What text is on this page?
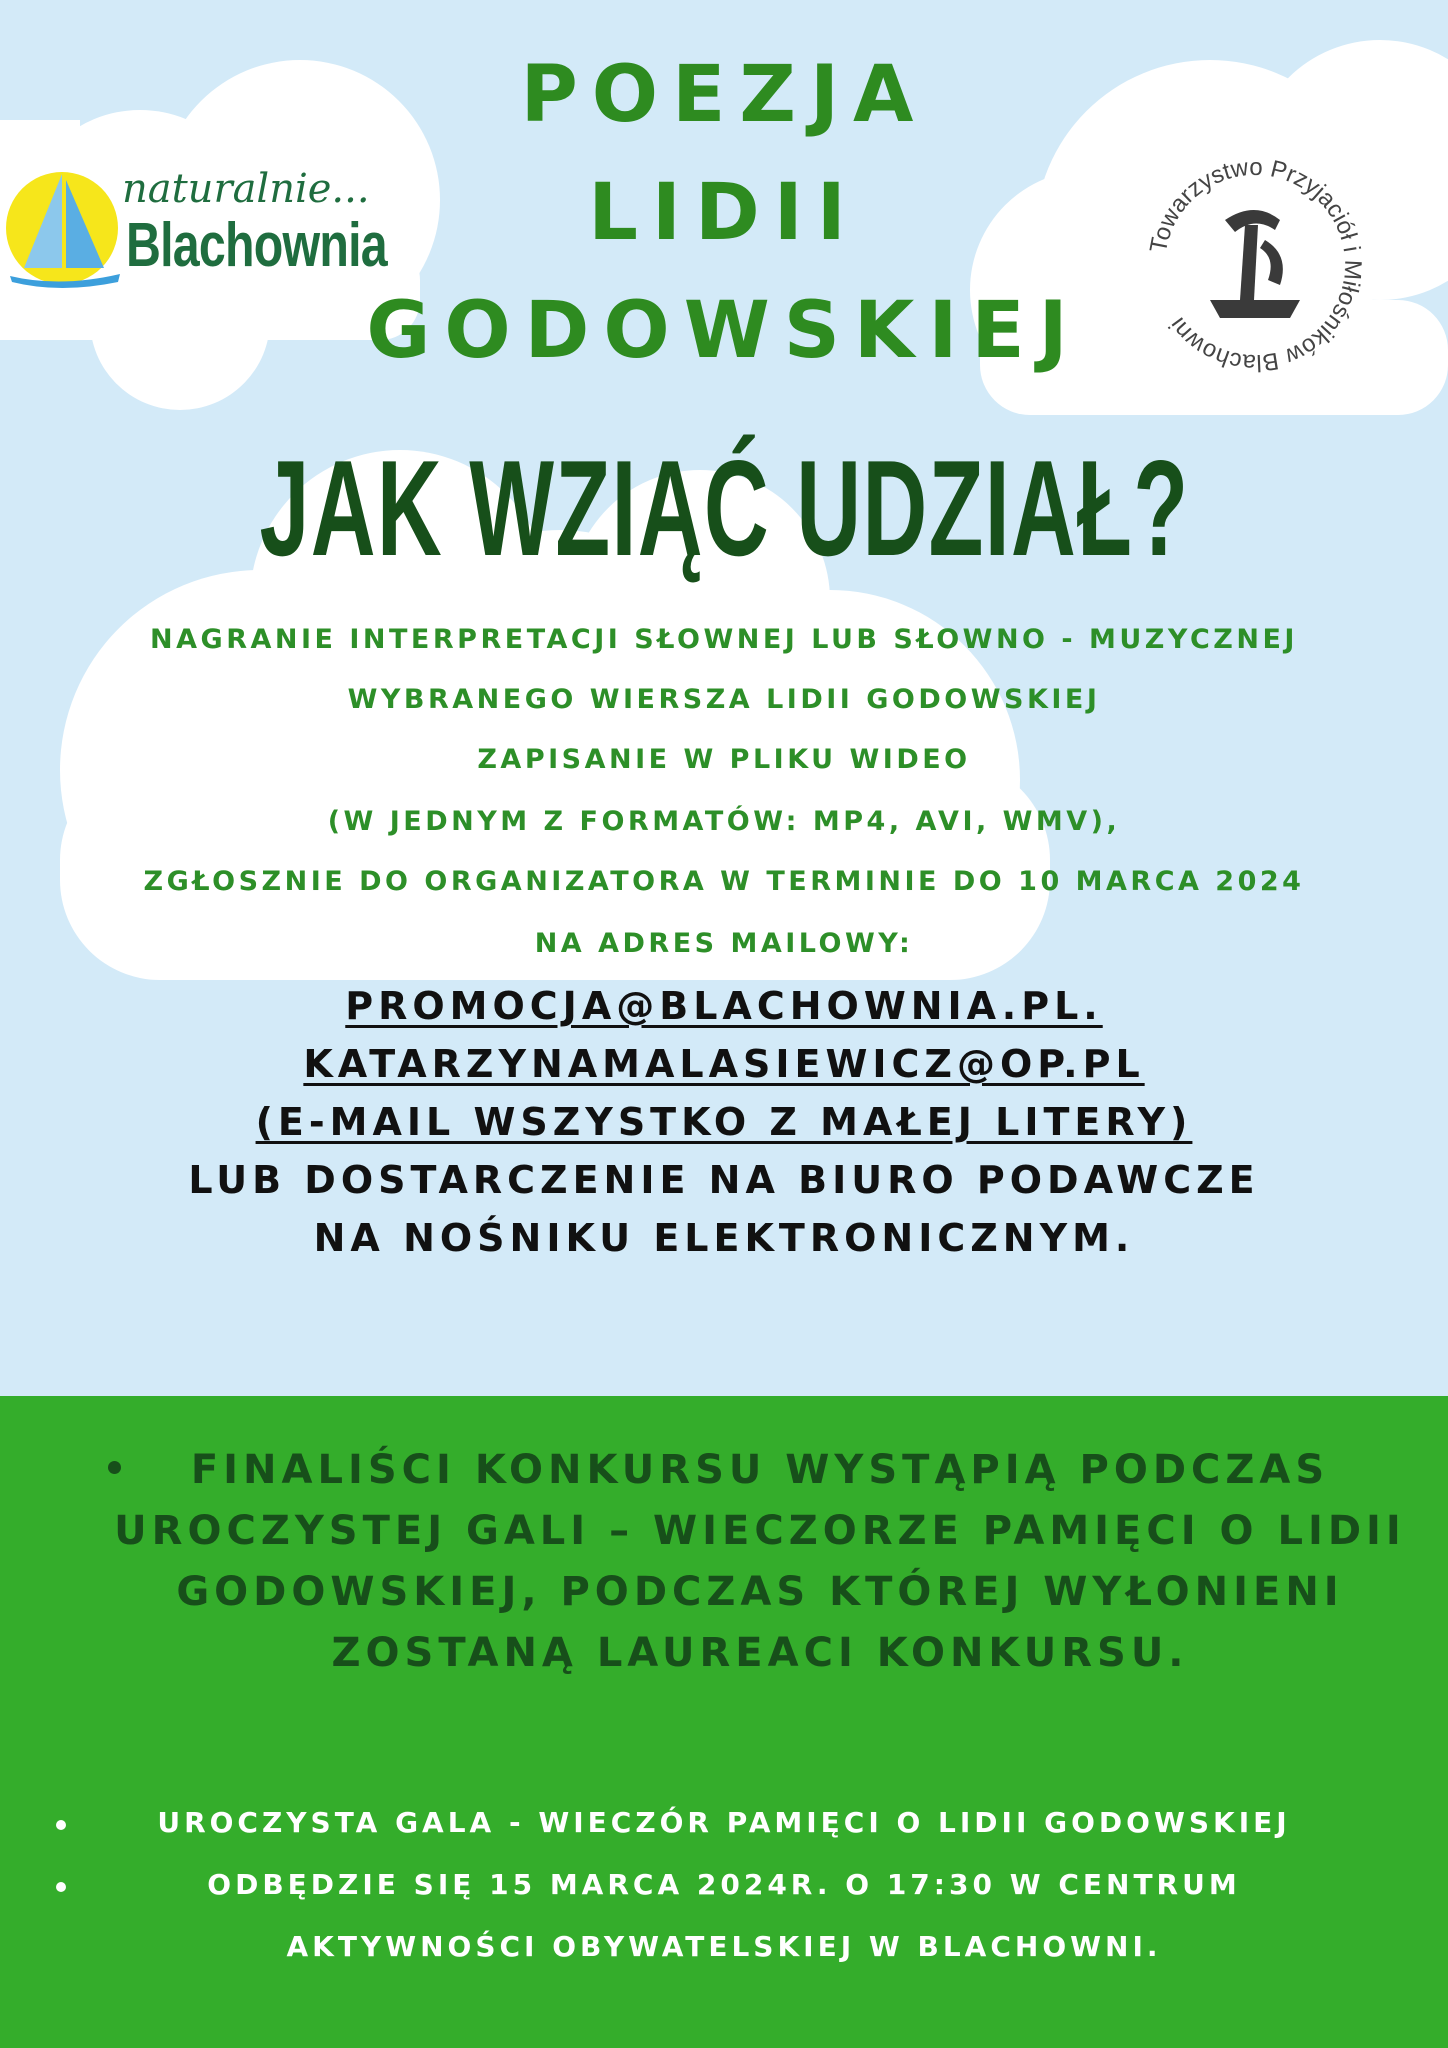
naturalnie...
Blachownia	Towarzystwo Przyjaciół i Miłośników Blachowni
POEZJA
LIDII
GODOWSKIEJ
JAK WZIĄĆ UDZIAŁ?
NAGRANIE INTERPRETACJI SŁOWNEJ LUB SŁOWNO - MUZYCZNEJ
WYBRANEGO WIERSZA LIDII GODOWSKIEJ
ZAPISANIE W PLIKU WIDEO
(W JEDNYM Z FORMATÓW: MP4, AVI, WMV),
ZGŁOSZNIE DO ORGANIZATORA W TERMINIE DO 10 MARCA 2024
NA ADRES MAILOWY:
PROMOCJA@BLACHOWNIA.PL.
KATARZYNAMALASIEWICZ@OP.PL
(E-MAIL WSZYSTKO Z MAŁEJ LITERY)
LUB DOSTARCZENIE NA BIURO PODAWCZE
NA NOŚNIKU ELEKTRONICZNYM.
FINALIŚCI KONKURSU WYSTĄPIĄ PODCZAS UROCZYSTEJ GALI – WIECZORZE PAMIĘCI O LIDII GODOWSKIEJ, PODCZAS KTÓREJ WYŁONIENI ZOSTANĄ LAUREACI KONKURSU.
UROCZYSTA GALA - WIECZÓR PAMIĘCI O LIDII GODOWSKIEJ
ODBĘDZIE SIĘ 15 MARCA 2024R. O 17:30 W CENTRUM
AKTYWNOŚCI OBYWATELSKIEJ W BLACHOWNI.
